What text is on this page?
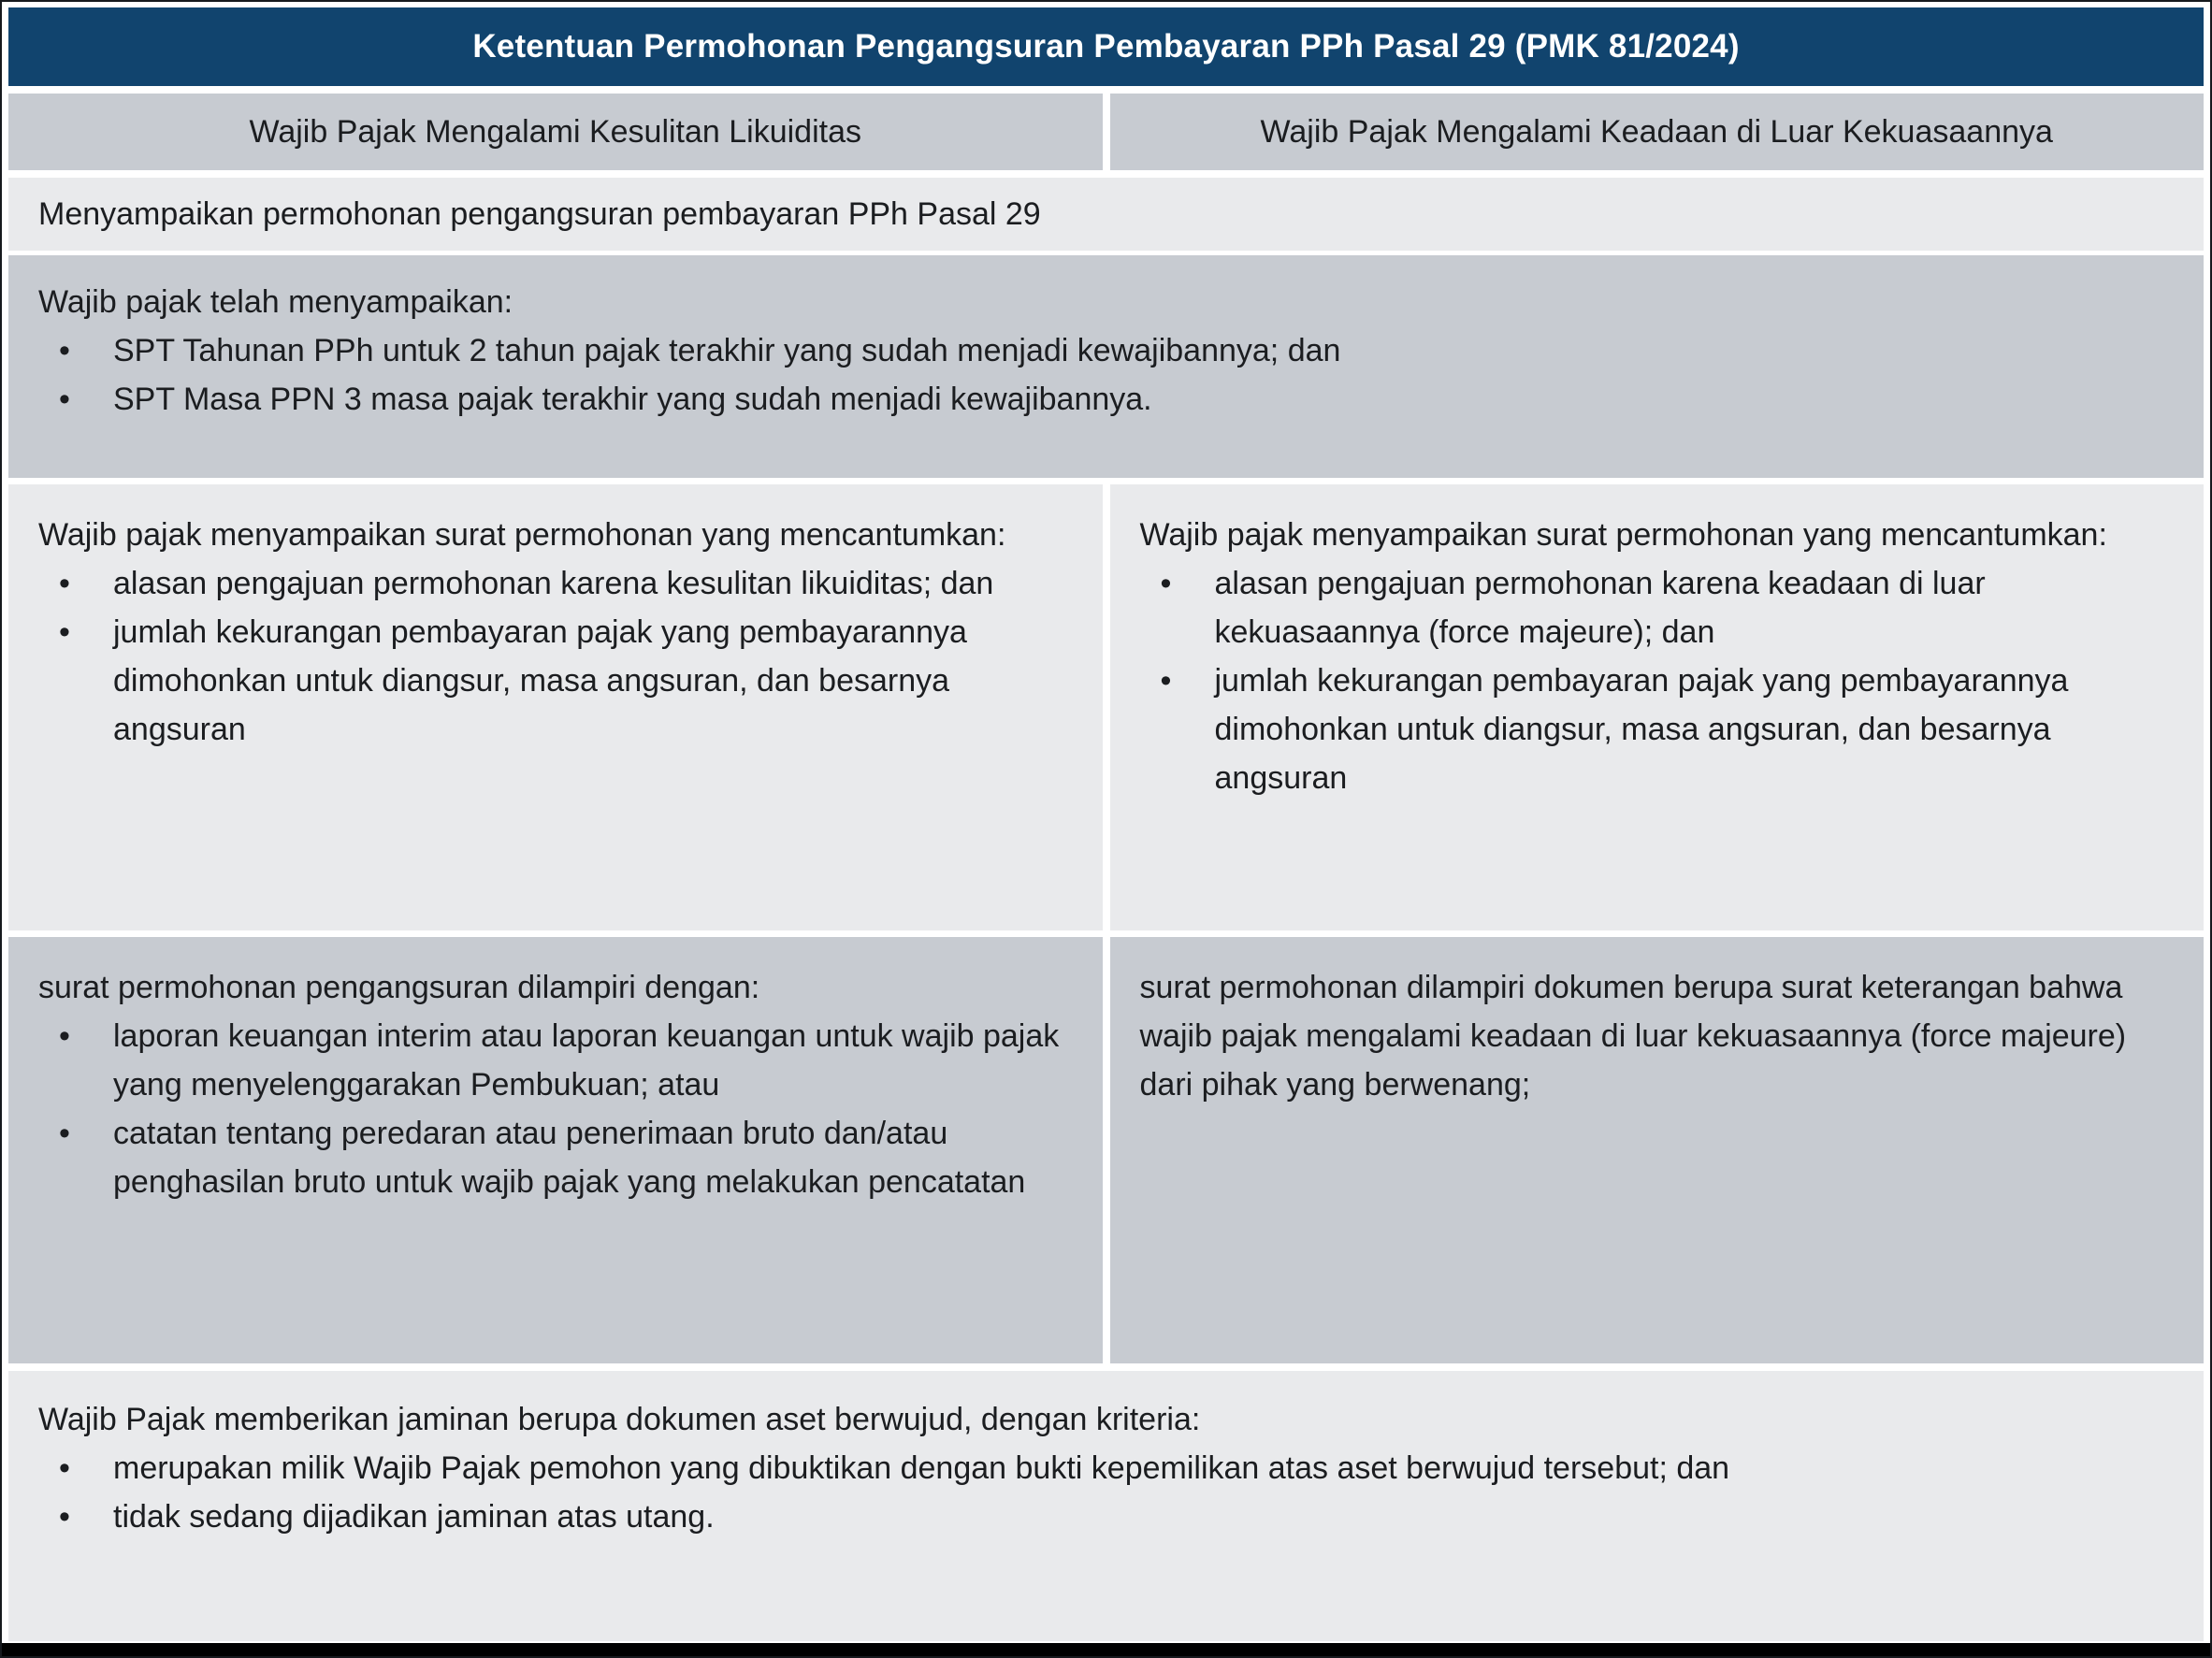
Ketentuan Permohonan Pengangsuran Pembayaran PPh Pasal 29 (PMK 81/2024)
Wajib Pajak Mengalami Kesulitan Likuiditas	Wajib Pajak Mengalami Keadaan di Luar Kekuasaannya
Menyampaikan permohonan pengangsuran pembayaran PPh Pasal 29
Wajib pajak telah menyampaikan:
• SPT Tahunan PPh untuk 2 tahun pajak terakhir yang sudah menjadi kewajibannya; dan
• SPT Masa PPN 3 masa pajak terakhir yang sudah menjadi kewajibannya.
Wajib pajak menyampaikan surat permohonan yang mencantumkan:
• alasan pengajuan permohonan karena kesulitan likuiditas; dan
• jumlah kekurangan pembayaran pajak yang pembayarannya dimohonkan untuk diangsur, masa angsuran, dan besarnya angsuran
Wajib pajak menyampaikan surat permohonan yang mencantumkan:
• alasan pengajuan permohonan karena keadaan di luar kekuasaannya (force majeure); dan
• jumlah kekurangan pembayaran pajak yang pembayarannya dimohonkan untuk diangsur, masa angsuran, dan besarnya angsuran
surat permohonan pengangsuran dilampiri dengan:
• laporan keuangan interim atau laporan keuangan untuk wajib pajak yang menyelenggarakan Pembukuan; atau
• catatan tentang peredaran atau penerimaan bruto dan/atau penghasilan bruto untuk wajib pajak yang melakukan pencatatan
surat permohonan dilampiri dokumen berupa surat keterangan bahwa wajib pajak mengalami keadaan di luar kekuasaannya (force majeure) dari pihak yang berwenang;
Wajib Pajak memberikan jaminan berupa dokumen aset berwujud, dengan kriteria:
• merupakan milik Wajib Pajak pemohon yang dibuktikan dengan bukti kepemilikan atas aset berwujud tersebut; dan
• tidak sedang dijadikan jaminan atas utang.
